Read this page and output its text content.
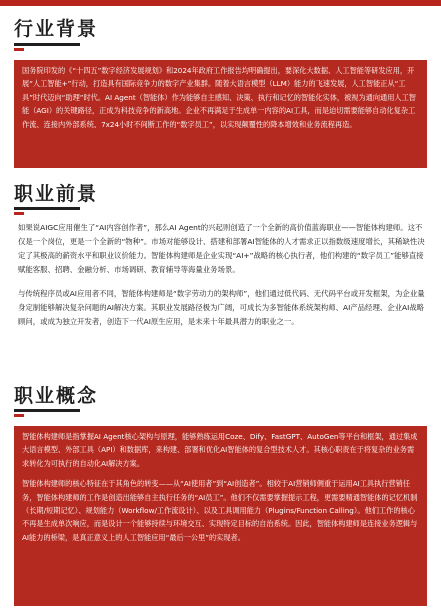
行业背景

国务院印发的《“十四五”数字经济发展规划》和2024年政府工作报告均明确提出，要深化大数据、人工智能等研发应用，开展“人工智能+”行动，打造具有国际竞争力的数字产业集群。随着大语言模型（LLM）能力的飞速发展，人工智能正从“工具”时代迈向“助理”时代。AI Agent（智能体）作为能够自主感知、决策、执行和记忆的智能化实体，被视为通向通用人工智能（AGI）的关键路径，正成为科技竞争的新高地。企业不再满足于生成单一内容的AI工具，而是迫切需要能够自动化复杂工作流、连接内外部系统、7x24小时不间断工作的“数字员工”，以实现颠覆性的降本增效和业务流程再造。

职业前景

如果说AIGC应用催生了“AI内容创作者”，那么AI Agent的兴起则创造了一个全新的高价值蓝海职业——智能体构建师。这不仅是一个岗位，更是一个全新的“物种”。市场对能够设计、搭建和部署AI智能体的人才需求正以指数级速度增长，其稀缺性决定了其极高的薪资水平和职业议价能力。智能体构建师是企业实现“AI+”战略的核心执行者，他们构建的“数字员工”能够直接赋能客服、招聘、金融分析、市场调研、教育辅导等海量业务场景。

与传统程序员或AI应用者不同，智能体构建师是“数字劳动力的架构师”，他们通过低代码、无代码平台或开发框架，为企业量身定制能够解决复杂问题的AI解决方案。其职业发展路径极为广阔，可成长为多智能体系统架构师、AI产品经理、企业AI战略顾问，或成为独立开发者，创造下一代AI原生应用，是未来十年最具潜力的职业之一。

职业概念

智能体构建师是指掌握AI Agent核心架构与原理，能够熟练运用Coze、Dify、FastGPT、AutoGen等平台和框架，通过集成大语言模型、外部工具（API）和数据库，来构建、部署和优化AI智能体的复合型技术人才。其核心职责在于将复杂的业务需求转化为可执行的自动化AI解决方案。

智能体构建师的核心特征在于其角色的转变——从“AI使用者”到“AI创造者”。相较于AI营销师侧重于运用AI工具执行营销任务，智能体构建师的工作是创造出能够自主执行任务的“AI员工”。他们不仅需要掌握提示工程，更需要精通智能体的记忆机制（长期/短期记忆）、规划能力（Workflow/工作流设计）、以及工具调用能力（Plugins/Function Calling）。他们工作的核心不再是生成单次响应，而是设计一个能够持续与环境交互、实现特定目标的自治系统。因此，智能体构建师是连接业务逻辑与AI能力的桥梁，是真正意义上的人工智能应用“最后一公里”的实现者。
